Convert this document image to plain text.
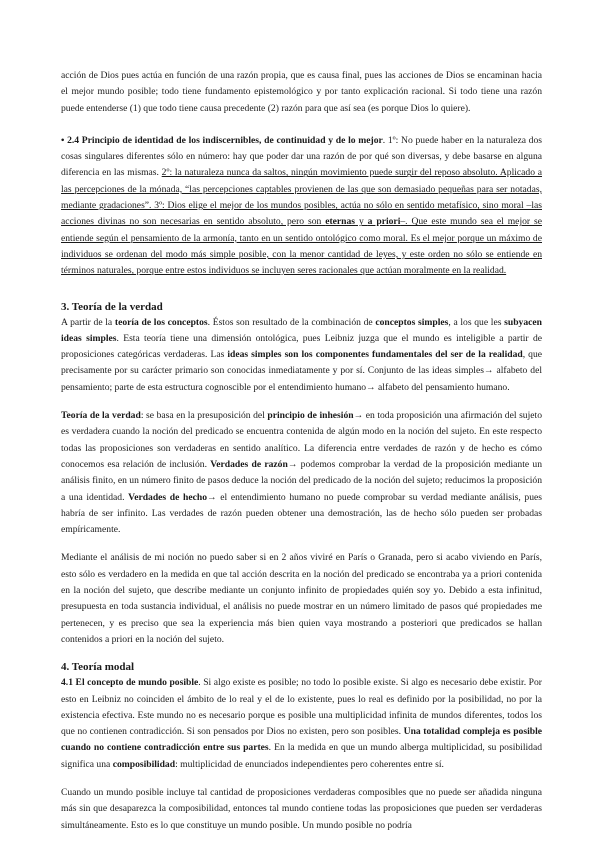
acción de Dios pues actúa en función de una razón propia, que es causa final, pues las acciones de Dios se encaminan hacia el mejor mundo posible; todo tiene fundamento epistemológico y por tanto explicación racional. Si todo tiene una razón puede entenderse (1) que todo tiene causa precedente (2) razón para que así sea (es porque Dios lo quiere).

• 2.4 Principio de identidad de los indiscernibles, de continuidad y de lo mejor. 1º: No puede haber en la naturaleza dos cosas singulares diferentes sólo en número: hay que poder dar una razón de por qué son diversas, y debe basarse en alguna diferencia en las mismas. 2º: la naturaleza nunca da saltos, ningún movimiento puede surgir del reposo absoluto. Aplicado a las percepciones de la mónada, “las percepciones captables provienen de las que son demasiado pequeñas para ser notadas, mediante gradaciones”. 3º: Dios elige el mejor de los mundos posibles, actúa no sólo en sentido metafísico, sino moral –las acciones divinas no son necesarias en sentido absoluto, pero son eternas y a priori–. Que este mundo sea el mejor se entiende según el pensamiento de la armonía, tanto en un sentido ontológico como moral. Es el mejor porque un máximo de individuos se ordenan del modo más simple posible, con la menor cantidad de leyes, y este orden no sólo se entiende en términos naturales, porque entre estos individuos se incluyen seres racionales que actúan moralmente en la realidad.

3. Teoría de la verdad

A partir de la teoría de los conceptos. Éstos son resultado de la combinación de conceptos simples, a los que les subyacen ideas simples. Esta teoría tiene una dimensión ontológica, pues Leibniz juzga que el mundo es inteligible a partir de proposiciones categóricas verdaderas. Las ideas simples son los componentes fundamentales del ser de la realidad, que precisamente por su carácter primario son conocidas inmediatamente y por sí. Conjunto de las ideas simples→ alfabeto del pensamiento; parte de esta estructura cognoscible por el entendimiento humano→ alfabeto del pensamiento humano.

Teoría de la verdad: se basa en la presuposición del principio de inhesión→ en toda proposición una afirmación del sujeto es verdadera cuando la noción del predicado se encuentra contenida de algún modo en la noción del sujeto. En este respecto todas las proposiciones son verdaderas en sentido analítico. La diferencia entre verdades de razón y de hecho es cómo conocemos esa relación de inclusión. Verdades de razón→ podemos comprobar la verdad de la proposición mediante un análisis finito, en un número finito de pasos deduce la noción del predicado de la noción del sujeto; reducimos la proposición a una identidad. Verdades de hecho→ el entendimiento humano no puede comprobar su verdad mediante análisis, pues habría de ser infinito. Las verdades de razón pueden obtener una demostración, las de hecho sólo pueden ser probadas empíricamente.

Mediante el análisis de mi noción no puedo saber si en 2 años viviré en París o Granada, pero si acabo viviendo en París, esto sólo es verdadero en la medida en que tal acción descrita en la noción del predicado se encontraba ya a priori contenida en la noción del sujeto, que describe mediante un conjunto infinito de propiedades quién soy yo. Debido a esta infinitud, presupuesta en toda sustancia individual, el análisis no puede mostrar en un número limitado de pasos qué propiedades me pertenecen, y es preciso que sea la experiencia más bien quien vaya mostrando a posteriori que predicados se hallan contenidos a priori en la noción del sujeto.

4. Teoría modal

4.1 El concepto de mundo posible. Si algo existe es posible; no todo lo posible existe. Si algo es necesario debe existir. Por esto en Leibniz no coinciden el ámbito de lo real y el de lo existente, pues lo real es definido por la posibilidad, no por la existencia efectiva. Este mundo no es necesario porque es posible una multiplicidad infinita de mundos diferentes, todos los que no contienen contradicción. Si son pensados por Dios no existen, pero son posibles. Una totalidad compleja es posible cuando no contiene contradicción entre sus partes. En la medida en que un mundo alberga multiplicidad, su posibilidad significa una composibilidad: multiplicidad de enunciados independientes pero coherentes entre sí.

Cuando un mundo posible incluye tal cantidad de proposiciones verdaderas composibles que no puede ser añadida ninguna más sin que desaparezca la composibilidad, entonces tal mundo contiene todas las proposiciones que pueden ser verdaderas simultáneamente. Esto es lo que constituye un mundo posible. Un mundo posible no podría
